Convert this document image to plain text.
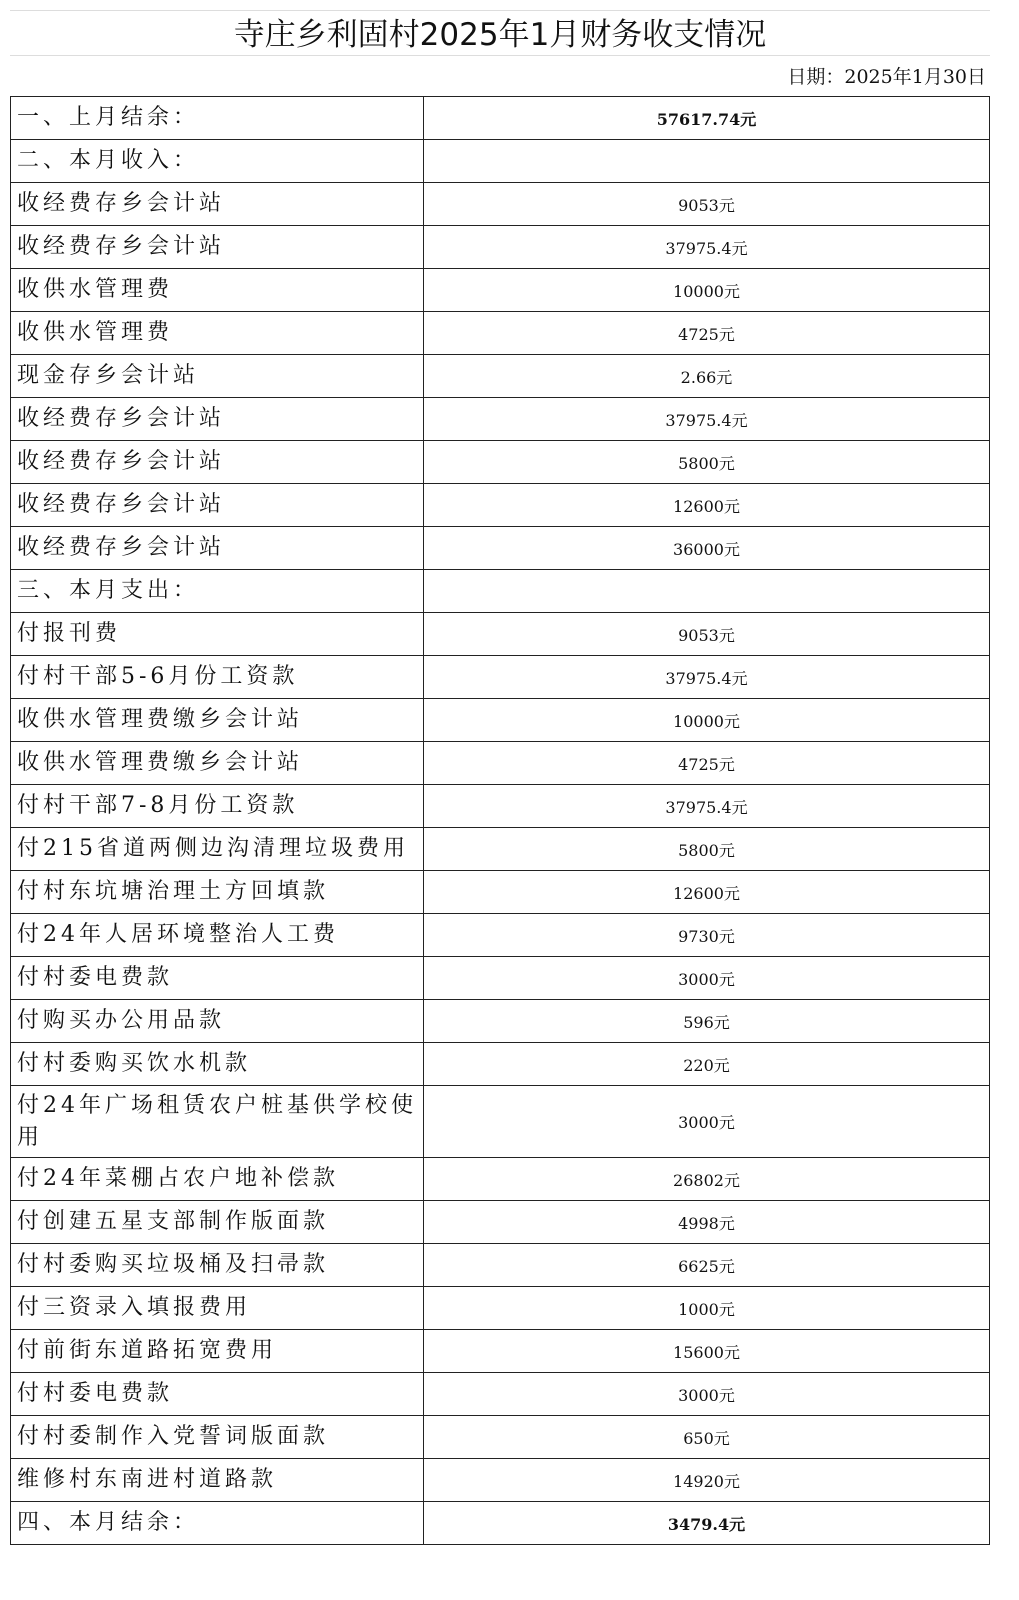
寺庄乡利固村2025年1月财务收支情况
日期：2025年1月30日
一、上月结余：	57617.74元
二、本月收入：	
收经费存乡会计站	9053元
收经费存乡会计站	37975.4元
收供水管理费	10000元
收供水管理费	4725元
现金存乡会计站	2.66元
收经费存乡会计站	37975.4元
收经费存乡会计站	5800元
收经费存乡会计站	12600元
收经费存乡会计站	36000元
三、本月支出：	
付报刊费	9053元
付村干部5-6月份工资款	37975.4元
收供水管理费缴乡会计站	10000元
收供水管理费缴乡会计站	4725元
付村干部7-8月份工资款	37975.4元
付215省道两侧边沟清理垃圾费用	5800元
付村东坑塘治理土方回填款	12600元
付24年人居环境整治人工费	9730元
付村委电费款	3000元
付购买办公用品款	596元
付村委购买饮水机款	220元
付24年广场租赁农户桩基供学校使用	3000元
付24年菜棚占农户地补偿款	26802元
付创建五星支部制作版面款	4998元
付村委购买垃圾桶及扫帚款	6625元
付三资录入填报费用	1000元
付前街东道路拓宽费用	15600元
付村委电费款	3000元
付村委制作入党誓词版面款	650元
维修村东南进村道路款	14920元
四、本月结余：	3479.4元
